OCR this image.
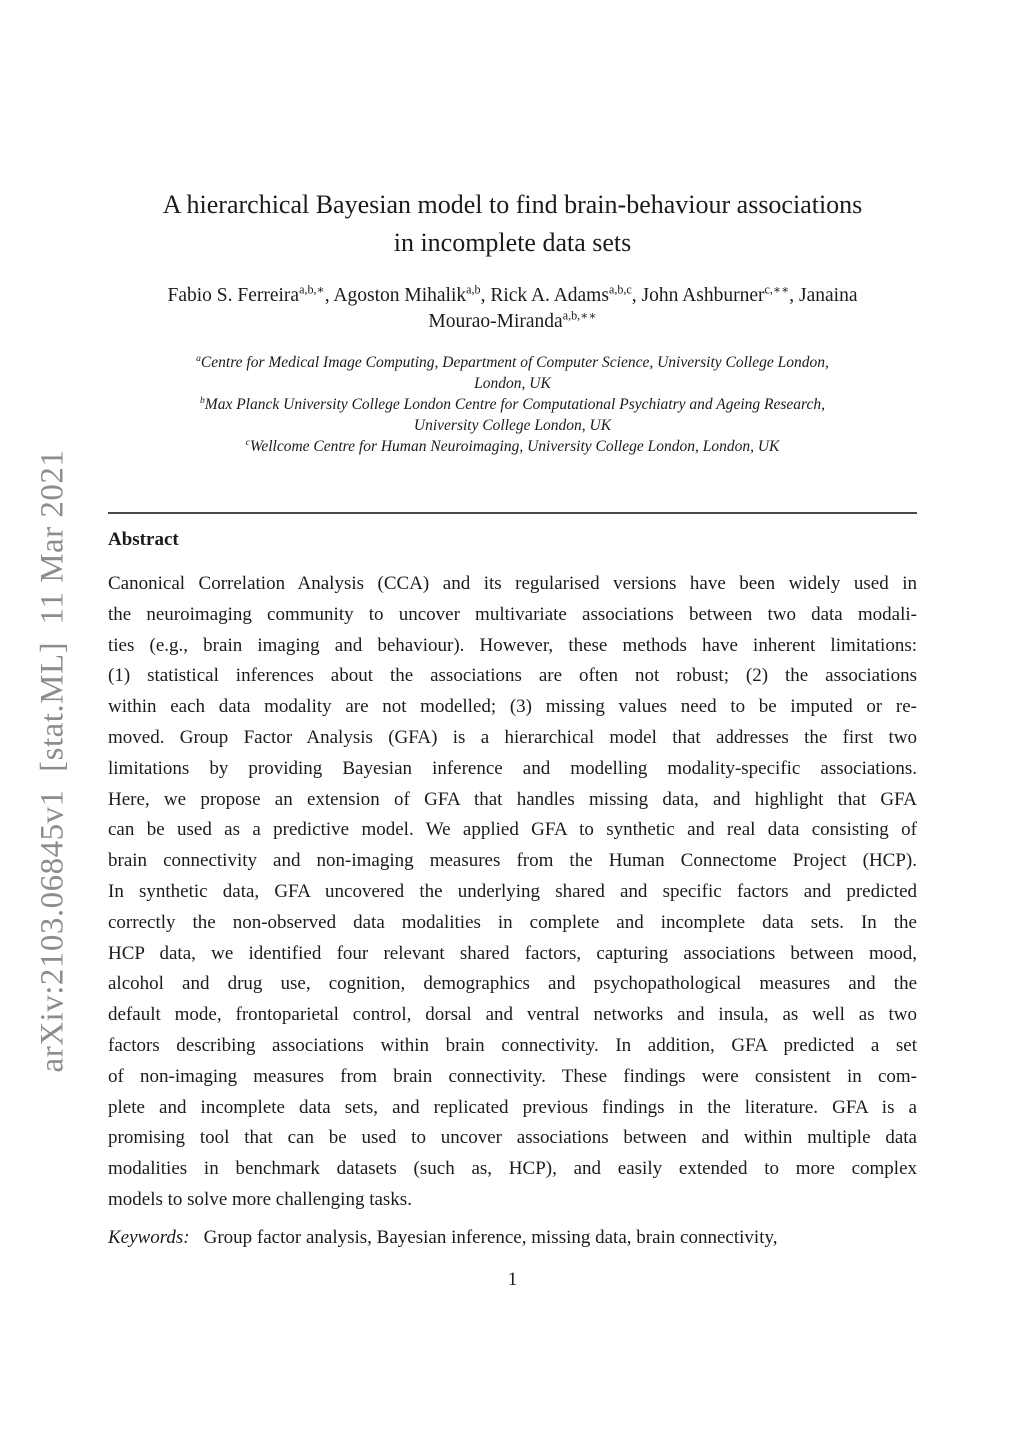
arXiv:2103.06845v1  [stat.ML]  11 Mar 2021
A hierarchical Bayesian model to find brain-behaviour associations
in incomplete data sets
Fabio S. Ferreira$^{a,b,∗}$, Agoston Mihalik$^{a,b}$, Rick A. Adams$^{a,b,c}$, John Ashburner$^{c,∗∗}$, Janaina Mourao‑Miranda$^{a,b,∗∗}$
$^a$Centre for Medical Image Computing, Department of Computer Science, University College London,
London, UK
$^b$Max Planck University College London Centre for Computational Psychiatry and Ageing Research,
University College London, UK
$^c$Wellcome Centre for Human Neuroimaging, University College London, London, UK
Abstract
Canonical Correlation Analysis (CCA) and its regularised versions have been widely used in
the neuroimaging community to uncover multivariate associations between two data modali-
ties (e.g., brain imaging and behaviour). However, these methods have inherent limitations:
(1) statistical inferences about the associations are often not robust; (2) the associations
within each data modality are not modelled; (3) missing values need to be imputed or re-
moved. Group Factor Analysis (GFA) is a hierarchical model that addresses the first two
limitations by providing Bayesian inference and modelling modality-specific associations.
Here, we propose an extension of GFA that handles missing data, and highlight that GFA
can be used as a predictive model. We applied GFA to synthetic and real data consisting of
brain connectivity and non-imaging measures from the Human Connectome Project (HCP).
In synthetic data, GFA uncovered the underlying shared and specific factors and predicted
correctly the non-observed data modalities in complete and incomplete data sets. In the
HCP data, we identified four relevant shared factors, capturing associations between mood,
alcohol and drug use, cognition, demographics and psychopathological measures and the
default mode, frontoparietal control, dorsal and ventral networks and insula, as well as two
factors describing associations within brain connectivity. In addition, GFA predicted a set
of non-imaging measures from brain connectivity. These findings were consistent in com-
plete and incomplete data sets, and replicated previous findings in the literature. GFA is a
promising tool that can be used to uncover associations between and within multiple data
modalities in benchmark datasets (such as, HCP), and easily extended to more complex
models to solve more challenging tasks.
Keywords: Group factor analysis, Bayesian inference, missing data, brain connectivity,
1
